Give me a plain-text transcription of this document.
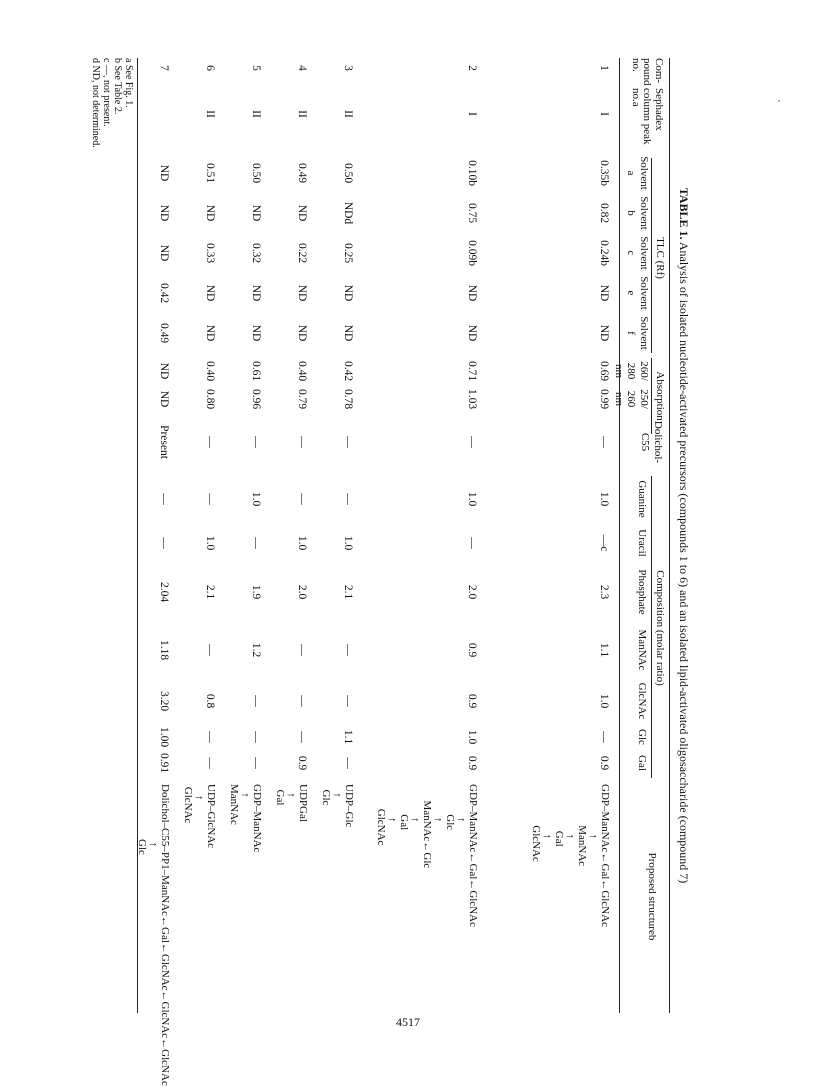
TABLE 1. Analysis of isolated nucleotide-activated precursors (compounds 1 to 6) and an isolated lipid-activated oligosaccharide (compound 7)
TLC (Rf)
Absorption
Composition (molar ratio)
Com- pound no.
Sephadex column peak no.a
Solvent a
Solvent b
Solvent c
Solvent e
Solvent f
260/ 280 nm
250/ 260 nm
Dolichol- C55
Guanine
Uracil
Phosphate
ManNAc
GlcNAc
Glc
Gal
Proposed structureb
1
I
0.35b
0.82
0.24b
ND
ND
0.69
0.99
—
1.0
—c
2.3
1.1
1.0
—
0.9
GDP–ManNAc←Gal←GlcNAc
↑
ManNAc
↑
Gal
↑
GlcNAc
2
I
0.10b
0.75
0.09b
ND
ND
0.71
1.03
—
1.0
—
2.0
0.9
0.9
1.0
0.9
GDP–ManNAc←Gal←GlcNAc
↑
Glc
↑
ManNAc←Glc
↑
Gal
↑
GlcNAc
3
II
0.50
NDd
0.25
ND
ND
0.42
0.78
—
—
1.0
2.1
—
—
1.1
—
UDP–Glc
↑
Glc
4
II
0.49
ND
0.22
ND
ND
0.40
0.79
—
—
1.0
2.0
—
—
—
0.9
UDPGal
↑
Gal
5
II
0.50
ND
0.32
ND
ND
0.61
0.96
—
1.0
—
1.9
1.2
—
—
—
GDP–ManNAc
↑
ManNAc
6
II
0.51
ND
0.33
ND
ND
0.40
0.80
—
—
1.0
2.1
—
0.8
—
—
UDP–GlcNAc
↑
GlcNAc
7
ND
ND
ND
0.42
0.49
ND
ND
Present
—
—
2.04
1.18
3.20
1.00
0.91
Dolichol–C55–PP1–ManNAc←Gal←GlcNAc←GlcNAc←GlcNAc
↑
Glc
a See Fig. 1.
b See Table 2.
c —, not present.
d ND, not determined.
4517
